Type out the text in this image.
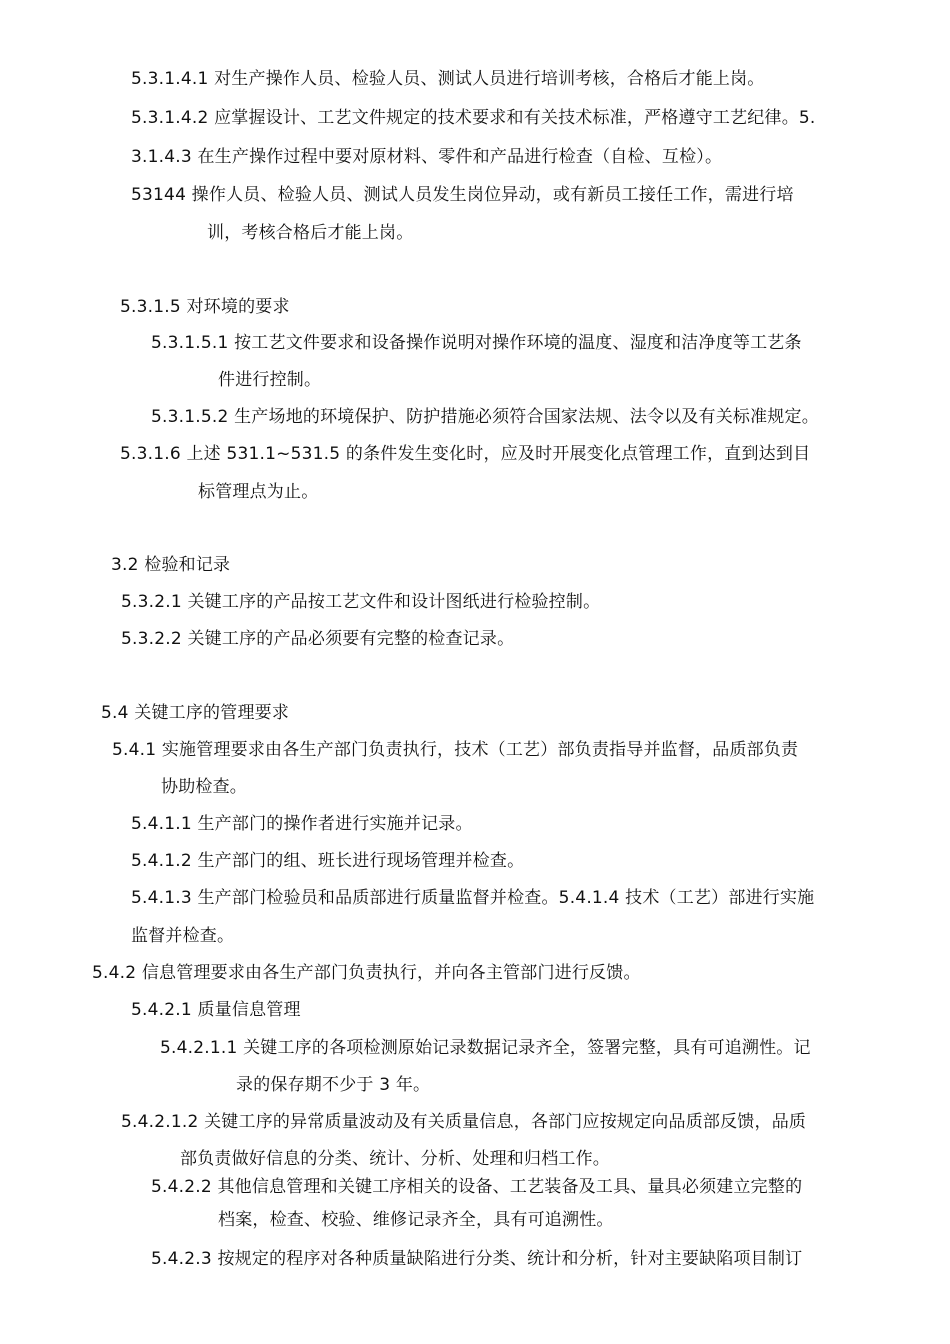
5.3.1.4.1 对生产操作人员、检验人员、测试人员进行培训考核，合格后才能上岗。
5.3.1.4.2 应掌握设计、工艺文件规定的技术要求和有关技术标准，严格遵守工艺纪律。5.
3.1.4.3 在生产操作过程中要对原材料、零件和产品进行检查（自检、互检）。
53144 操作人员、检验人员、测试人员发生岗位异动，或有新员工接任工作，需进行培
训，考核合格后才能上岗。
5.3.1.5 对环境的要求
5.3.1.5.1 按工艺文件要求和设备操作说明对操作环境的温度、湿度和洁净度等工艺条
件进行控制。
5.3.1.5.2 生产场地的环境保护、防护措施必须符合国家法规、法令以及有关标准规定。
5.3.1.6 上述 531.1~531.5 的条件发生变化时，应及时开展变化点管理工作，直到达到目
标管理点为止。
3.2 检验和记录
5.3.2.1 关键工序的产品按工艺文件和设计图纸进行检验控制。
5.3.2.2 关键工序的产品必须要有完整的检查记录。
5.4 关键工序的管理要求
5.4.1 实施管理要求由各生产部门负责执行，技术（工艺）部负责指导并监督，品质部负责
协助检查。
5.4.1.1 生产部门的操作者进行实施并记录。
5.4.1.2 生产部门的组、班长进行现场管理并检查。
5.4.1.3 生产部门检验员和品质部进行质量监督并检查。5.4.1.4 技术（工艺）部进行实施
监督并检查。
5.4.2 信息管理要求由各生产部门负责执行，并向各主管部门进行反馈。
5.4.2.1 质量信息管理
5.4.2.1.1 关键工序的各项检测原始记录数据记录齐全，签署完整，具有可追溯性。记
录的保存期不少于 3 年。
5.4.2.1.2 关键工序的异常质量波动及有关质量信息，各部门应按规定向品质部反馈，品质
部负责做好信息的分类、统计、分析、处理和归档工作。
5.4.2.2 其他信息管理和关键工序相关的设备、工艺装备及工具、量具必须建立完整的
档案，检查、校验、维修记录齐全，具有可追溯性。
5.4.2.3 按规定的程序对各种质量缺陷进行分类、统计和分析，针对主要缺陷项目制订
